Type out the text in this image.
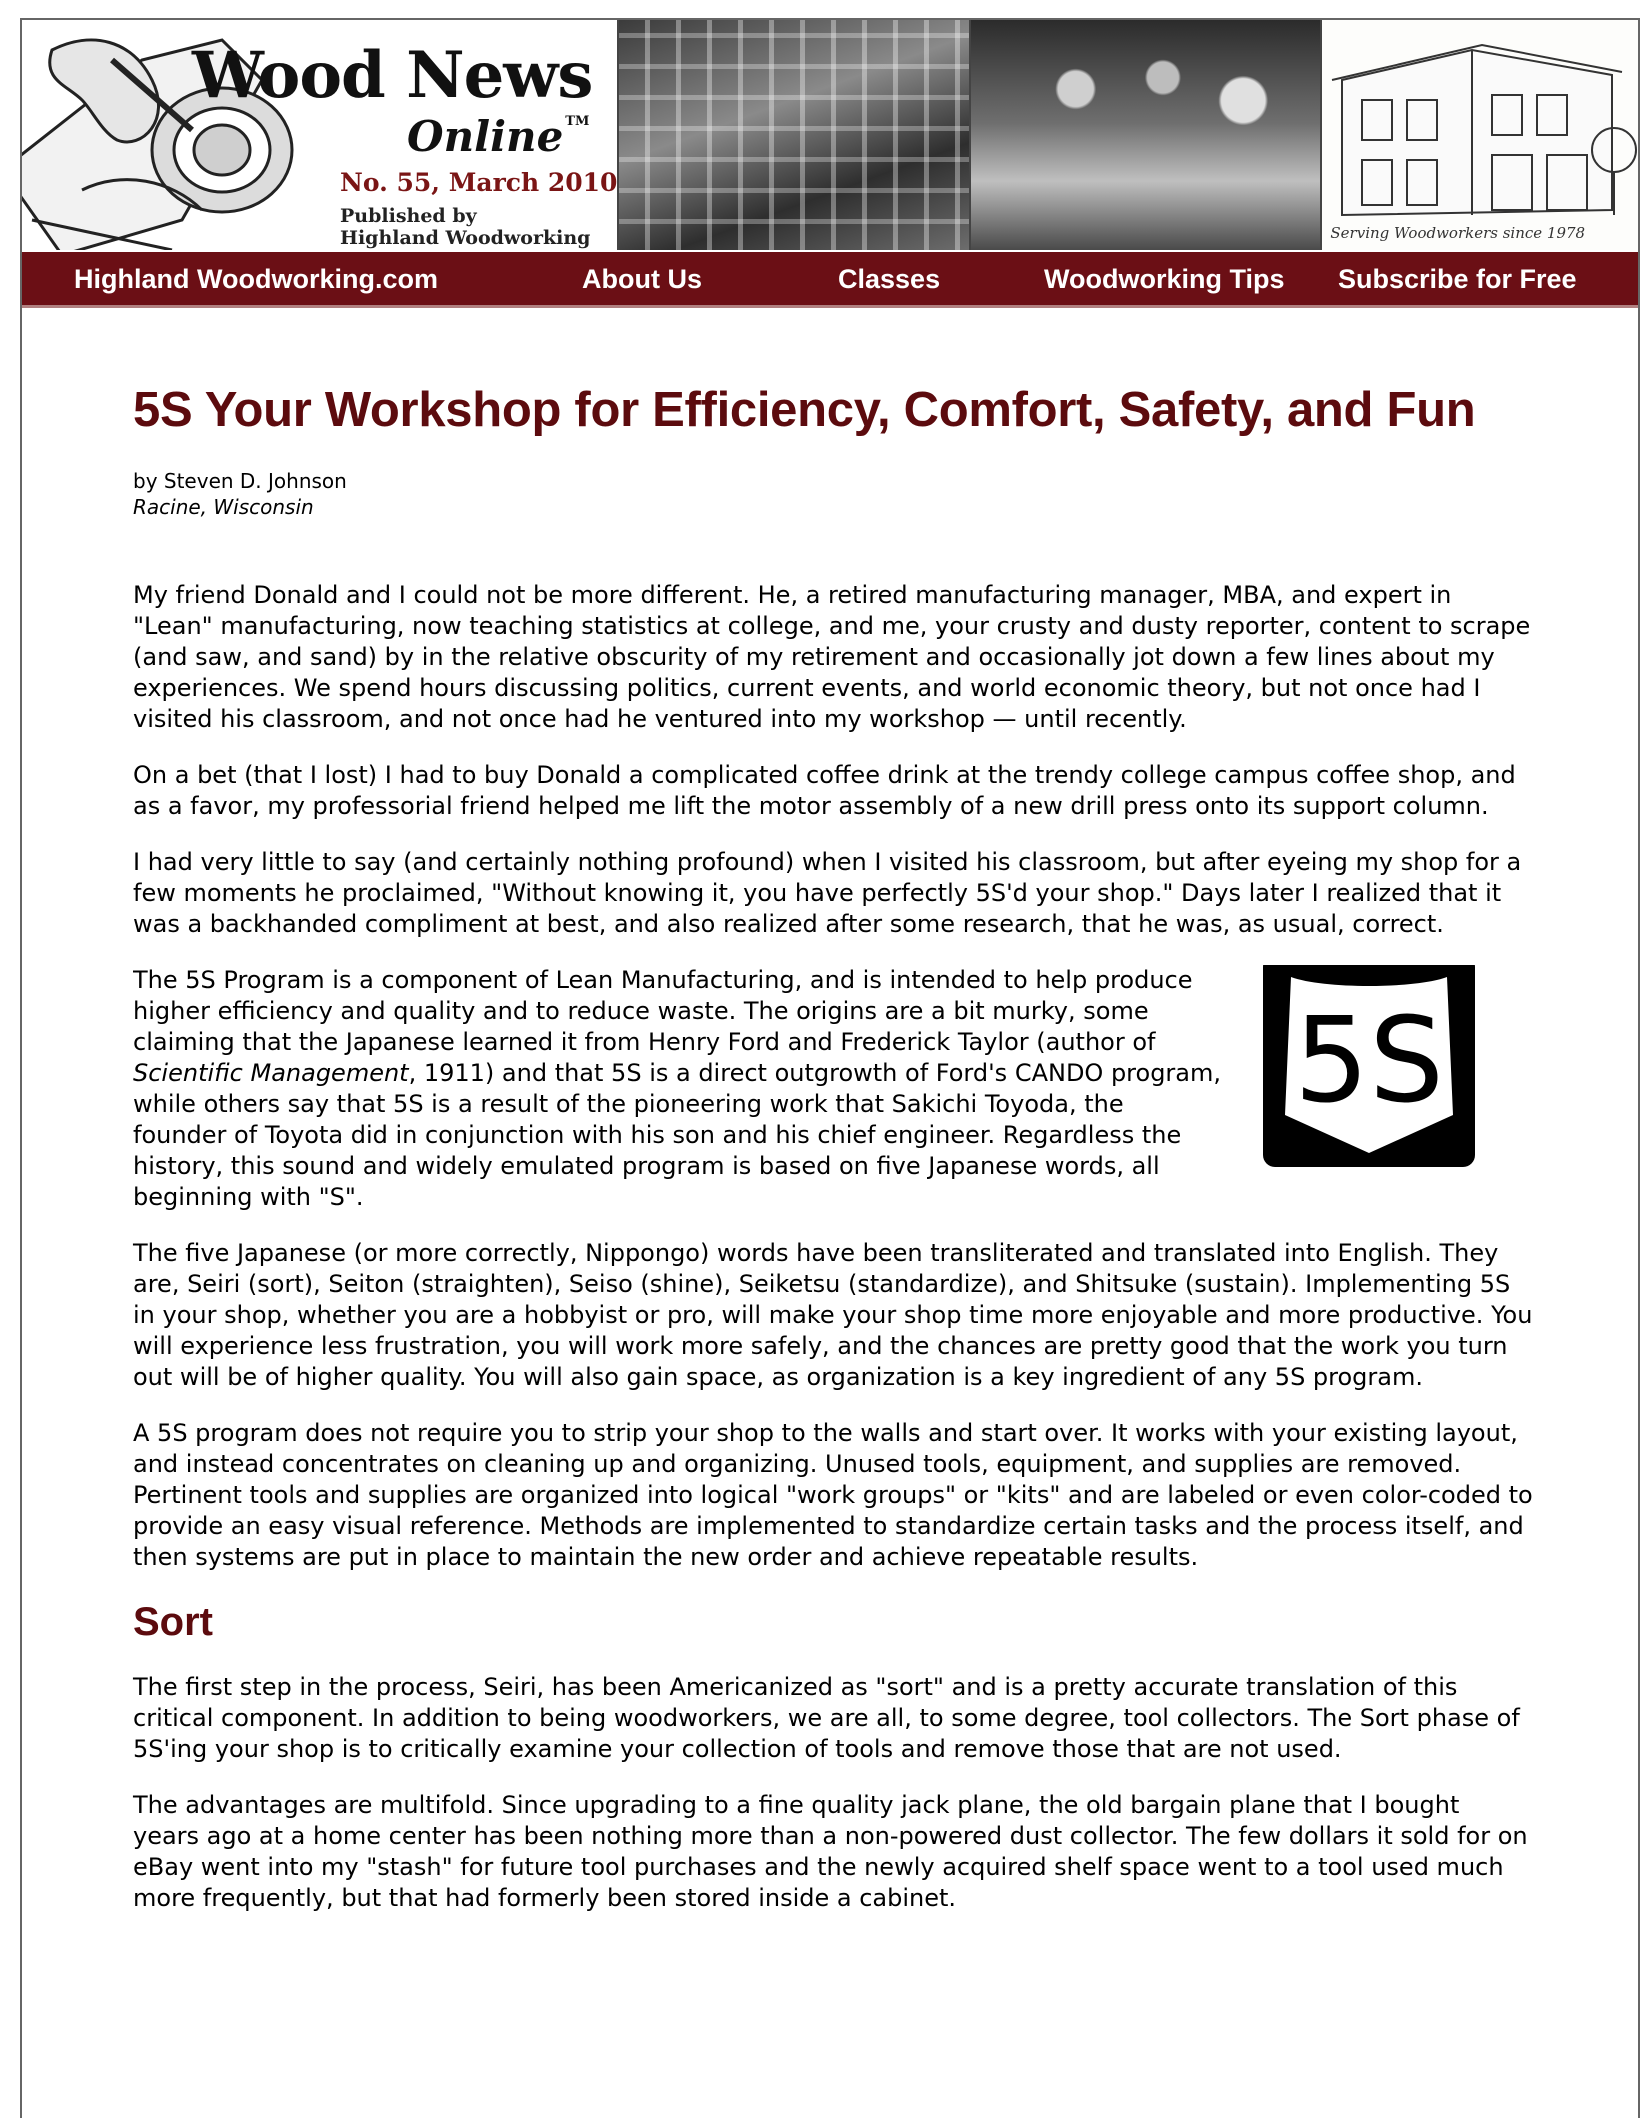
Wood News
Online ™
No. 55, March 2010
Published by
Highland Woodworking	Serving Woodworkers since 1978
Highland Woodworking.com	About Us	Classes	Woodworking Tips Subscribe for Free
5S Your Workshop for Efficiency, Comfort, Safety, and Fun

by Steven D. Johnson

Racine, Wisconsin

My friend Donald and I could not be more different. He, a retired manufacturing manager, MBA, and expert in "Lean" manufacturing, now teaching statistics at college, and me, your crusty and dusty reporter, content to scrape (and saw, and sand) by in the relative obscurity of my retirement and occasionally jot down a few lines about my experiences. We spend hours discussing politics, current events, and world economic theory, but not once had I visited his classroom, and not once had he ventured into my workshop — until recently.

On a bet (that I lost) I had to buy Donald a complicated coffee drink at the trendy college campus coffee shop, and as a favor, my professorial friend helped me lift the motor assembly of a new drill press onto its support column.

I had very little to say (and certainly nothing profound) when I visited his classroom, but after eyeing my shop for a few moments he proclaimed, "Without knowing it, you have perfectly 5S'd your shop." Days later I realized that it was a backhanded compliment at best, and also realized after some research, that he was, as usual, correct.

5S

The 5S Program is a component of Lean Manufacturing, and is intended to help produce higher efficiency and quality and to reduce waste. The origins are a bit murky, some claiming that the Japanese learned it from Henry Ford and Frederick Taylor (author of Scientific Management, 1911) and that 5S is a direct outgrowth of Ford's CANDO program, while others say that 5S is a result of the pioneering work that Sakichi Toyoda, the founder of Toyota did in conjunction with his son and his chief engineer. Regardless the history, this sound and widely emulated program is based on five Japanese words, all beginning with "S".

The five Japanese (or more correctly, Nippongo) words have been transliterated and translated into English. They are, Seiri (sort), Seiton (straighten), Seiso (shine), Seiketsu (standardize), and Shitsuke (sustain). Implementing 5S in your shop, whether you are a hobbyist or pro, will make your shop time more enjoyable and more productive. You will experience less frustration, you will work more safely, and the chances are pretty good that the work you turn out will be of higher quality. You will also gain space, as organization is a key ingredient of any 5S program.

A 5S program does not require you to strip your shop to the walls and start over. It works with your existing layout, and instead concentrates on cleaning up and organizing. Unused tools, equipment, and supplies are removed. Pertinent tools and supplies are organized into logical "work groups" or "kits" and are labeled or even color-coded to provide an easy visual reference. Methods are implemented to standardize certain tasks and the process itself, and then systems are put in place to maintain the new order and achieve repeatable results.

Sort

The first step in the process, Seiri, has been Americanized as "sort" and is a pretty accurate translation of this critical component. In addition to being woodworkers, we are all, to some degree, tool collectors. The Sort phase of 5S'ing your shop is to critically examine your collection of tools and remove those that are not used.

The advantages are multifold. Since upgrading to a fine quality jack plane, the old bargain plane that I bought years ago at a home center has been nothing more than a non-powered dust collector. The few dollars it sold for on eBay went into my "stash" for future tool purchases and the newly acquired shelf space went to a tool used much more frequently, but that had formerly been stored inside a cabinet.
